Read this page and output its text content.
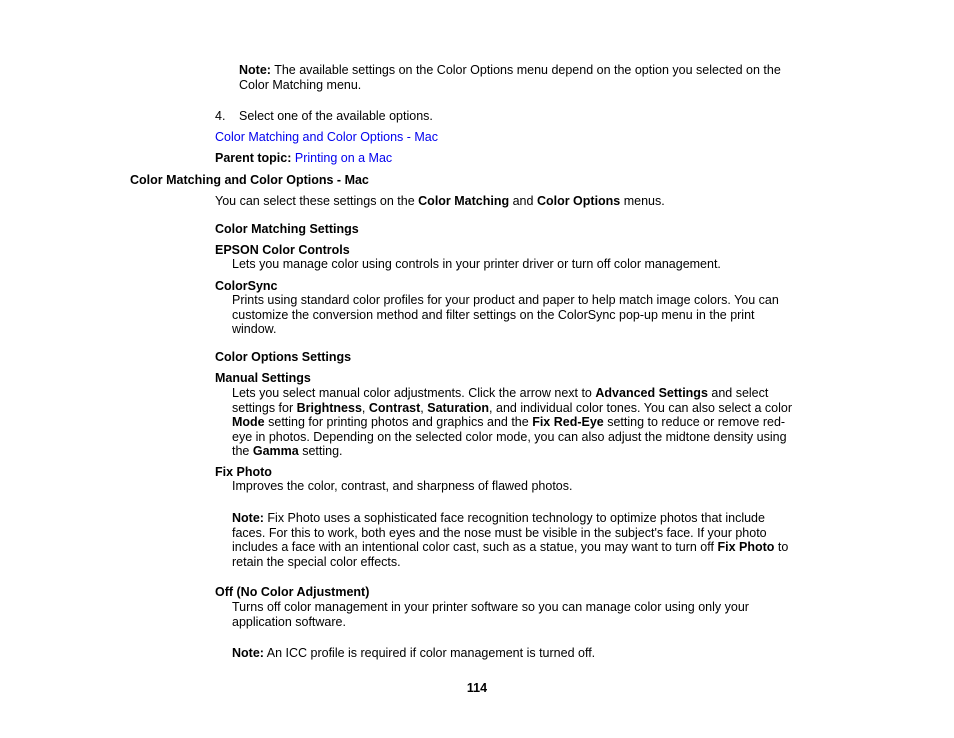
Note: The available settings on the Color Options menu depend on the option you selected on the

Color Matching menu.

4. Select one of the available options.

Color Matching and Color Options - Mac

Parent topic: Printing on a Mac

Color Matching and Color Options - Mac

You can select these settings on the Color Matching and Color Options menus.

Color Matching Settings

EPSON Color Controls

Lets you manage color using controls in your printer driver or turn off color management.

ColorSync

Prints using standard color profiles for your product and paper to help match image colors. You can

customize the conversion method and filter settings on the ColorSync pop-up menu in the print

window.

Color Options Settings

Manual Settings

Lets you select manual color adjustments. Click the arrow next to Advanced Settings and select

settings for Brightness, Contrast, Saturation, and individual color tones. You can also select a color

Mode setting for printing photos and graphics and the Fix Red-Eye setting to reduce or remove red-

eye in photos. Depending on the selected color mode, you can also adjust the midtone density using

the Gamma setting.

Fix Photo

Improves the color, contrast, and sharpness of flawed photos.

Note: Fix Photo uses a sophisticated face recognition technology to optimize photos that include

faces. For this to work, both eyes and the nose must be visible in the subject's face. If your photo

includes a face with an intentional color cast, such as a statue, you may want to turn off Fix Photo to

retain the special color effects.

Off (No Color Adjustment)

Turns off color management in your printer software so you can manage color using only your

application software.

Note: An ICC profile is required if color management is turned off.

114
